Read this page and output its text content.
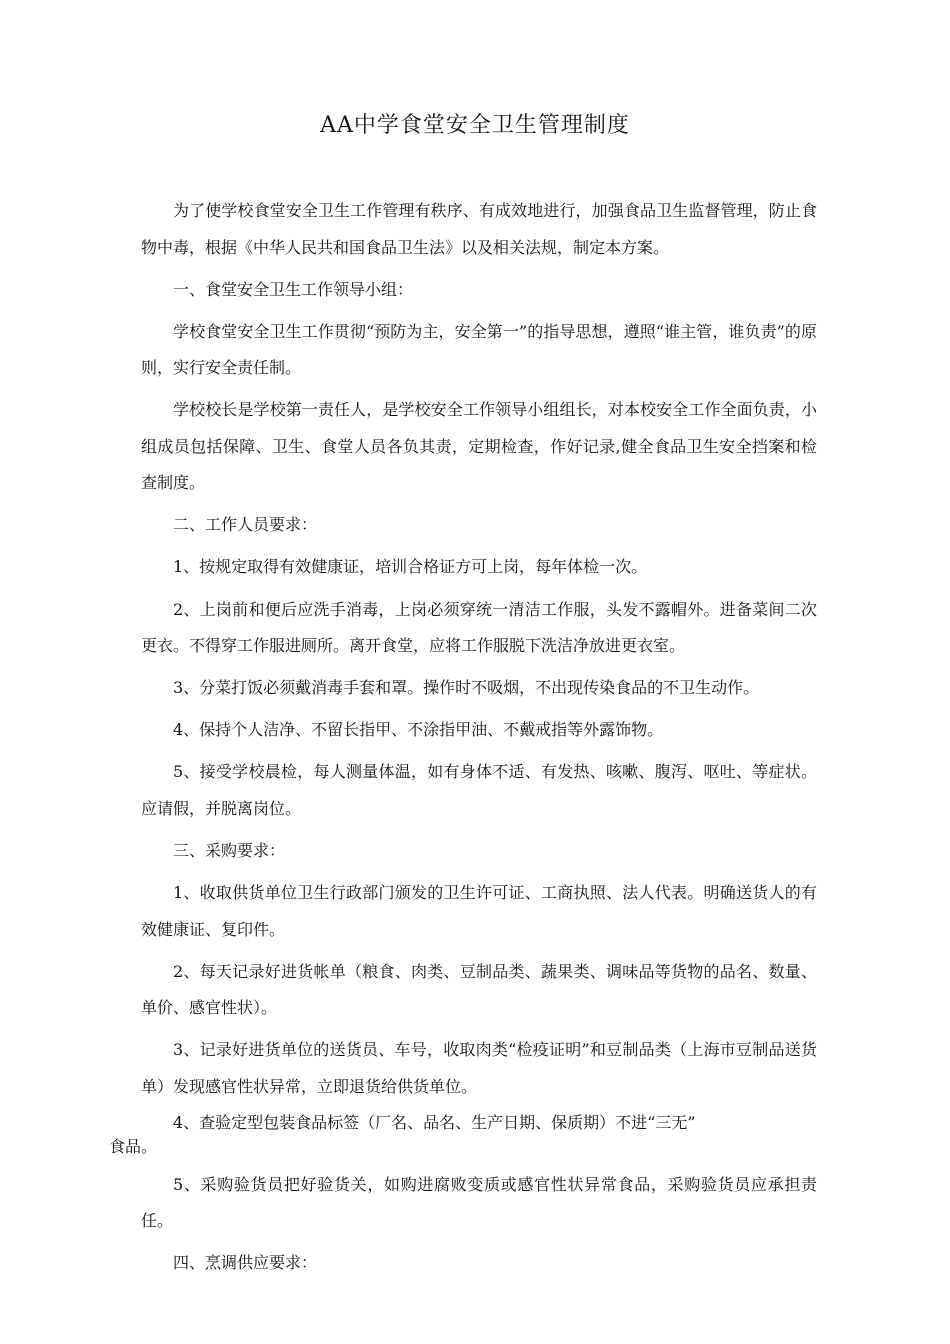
AA中学食堂安全卫生管理制度

为了使学校食堂安全卫生工作管理有秩序、有成效地进行，加强食品卫生监督管理，防止食物中毒，根据《中华人民共和国食品卫生法》以及相关法规，制定本方案。

一、食堂安全卫生工作领导小组：

学校食堂安全卫生工作贯彻“预防为主，安全第一”的指导思想，遵照“谁主管，谁负责”的原则，实行安全责任制。

学校校长是学校第一责任人，是学校安全工作领导小组组长，对本校安全工作全面负责，小组成员包括保障、卫生、食堂人员各负其责，定期检查，作好记录,健全食品卫生安全挡案和检查制度。

二、工作人员要求：

1、按规定取得有效健康证，培训合格证方可上岗，每年体检一次。

2、上岗前和便后应洗手消毒，上岗必须穿统一清洁工作服，头发不露帽外。进备菜间二次更衣。不得穿工作服进厕所。离开食堂，应将工作服脱下洗洁净放进更衣室。

3、分菜打饭必须戴消毒手套和罩。操作时不吸烟，不出现传染食品的不卫生动作。

4、保持个人洁净、不留长指甲、不涂指甲油、不戴戒指等外露饰物。

5、接受学校晨检，每人测量体温，如有身体不适、有发热、咳嗽、腹泻、呕吐、等症状。应请假，并脱离岗位。

三、采购要求：

1、收取供货单位卫生行政部门颁发的卫生许可证、工商执照、法人代表。明确送货人的有效健康证、复印件。

2、每天记录好进货帐单（粮食、肉类、豆制品类、蔬果类、调味品等货物的品名、数量、单价、感官性状）。

3、记录好进货单位的送货员、车号，收取肉类“检疫证明”和豆制品类（上海市豆制品送货单）发现感官性状异常，立即退货给供货单位。

4、查验定型包装食品标签（厂名、品名、生产日期、保质期）不进“三无”
食品。

5、采购验货员把好验货关，如购进腐败变质或感官性状异常食品，采购验货员应承担责任。

四、烹调供应要求：
